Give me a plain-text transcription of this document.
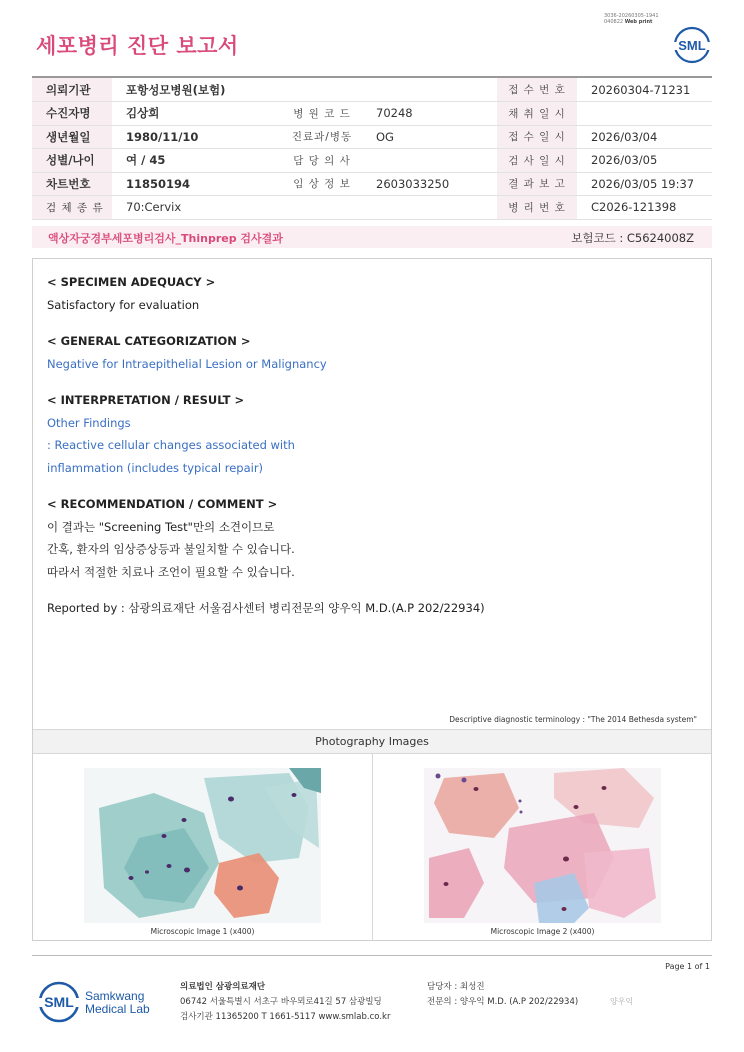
3036-20260305-1941
040822 Web print
세포병리 진단 보고서	SML
의뢰기관	포항성모병원(보험)			접 수 번 호	20260304-71231
수진자명	김상희	병 원 코 드	70248	채 취 일 시	
생년월일	1980/11/10	진료과/병동	OG	접 수 일 시	2026/03/04
성별/나이	여 / 45	담 당 의 사		검 사 일 시	2026/03/05
차트번호	11850194	임 상 정 보	2603033250	결 과 보 고	2026/03/05 19:37
검 체 종 류	70:Cervix			병 리 번 호	C2026-121398
액상자궁경부세포병리검사_Thinprep 검사결과	보험코드 : C5624008Z
< SPECIMEN ADEQUACY >
Satisfactory for evaluation
< GENERAL CATEGORIZATION >
Negative for Intraepithelial Lesion or Malignancy
< INTERPRETATION / RESULT >
Other Findings
: Reactive cellular changes associated with
inflammation (includes typical repair)
< RECOMMENDATION / COMMENT >
이 결과는 "Screening Test"만의 소견이므로
간혹, 환자의 임상증상등과 불일치할 수 있습니다.
따라서 적절한 치료나 조언이 필요할 수 있습니다.
Reported by : 삼광의료재단 서울검사센터 병리전문의 양우익 M.D.(A.P 202/22934)
Descriptive diagnostic terminology : "The 2014 Bethesda system"
Photography Images
Microscopic Image 1 (x400)	Microscopic Image 2 (x400)
Page 1 of 1
SML Samkwang
Medical Lab
의료법인 삼광의료재단
06742 서울특별시 서초구 바우뫼로41길 57 삼광빌딩
검사기관 11365200 T 1661-5117 www.smlab.co.kr
담당자 : 최성진
전문의 : 양우익 M.D. (A.P 202/22934)	양우익
